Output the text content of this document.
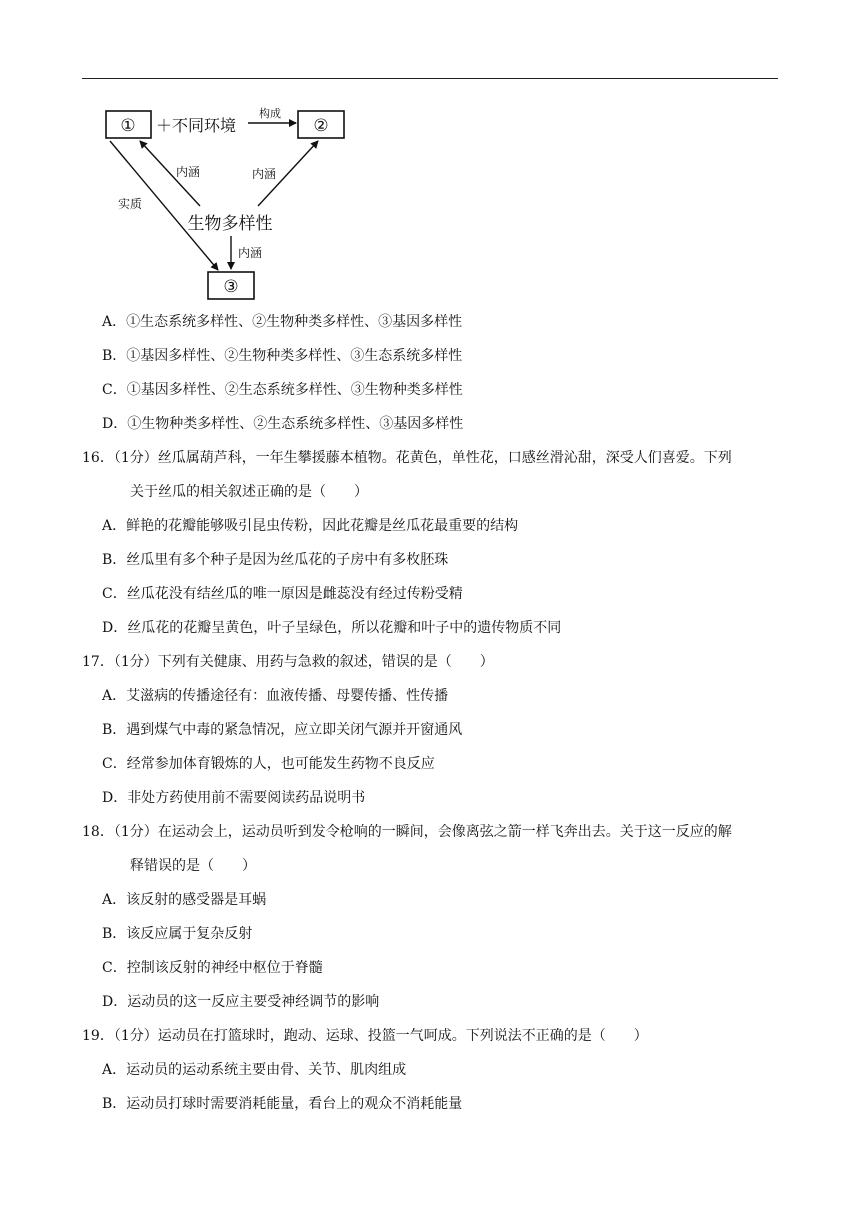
①	②
③
＋不同环境
构成
内涵	内涵
实质
生物多样性
内涵
A．①生态系统多样性、②生物种类多样性、③基因多样性
B．①基因多样性、②生物种类多样性、③生态系统多样性
C．①基因多样性、②生态系统多样性、③生物种类多样性
D．①生物种类多样性、②生态系统多样性、③基因多样性
16．（1分）丝瓜属葫芦科，一年生攀援藤本植物。花黄色，单性花，口感丝滑沁甜，深受人们喜爱。下列
关于丝瓜的相关叙述正确的是（　　）
A．鲜艳的花瓣能够吸引昆虫传粉，因此花瓣是丝瓜花最重要的结构
B．丝瓜里有多个种子是因为丝瓜花的子房中有多枚胚珠
C．丝瓜花没有结丝瓜的唯一原因是雌蕊没有经过传粉受精
D．丝瓜花的花瓣呈黄色，叶子呈绿色，所以花瓣和叶子中的遗传物质不同
17．（1分）下列有关健康、用药与急救的叙述，错误的是（　　）
A．艾滋病的传播途径有：血液传播、母婴传播、性传播
B．遇到煤气中毒的紧急情况，应立即关闭气源并开窗通风
C．经常参加体育锻炼的人，也可能发生药物不良反应
D．非处方药使用前不需要阅读药品说明书
18．（1分）在运动会上，运动员听到发令枪响的一瞬间，会像离弦之箭一样飞奔出去。关于这一反应的解
释错误的是（　　）
A．该反射的感受器是耳蜗
B．该反应属于复杂反射
C．控制该反射的神经中枢位于脊髓
D．运动员的这一反应主要受神经调节的影响
19．（1分）运动员在打篮球时，跑动、运球、投篮一气呵成。下列说法不正确的是（　　）
A．运动员的运动系统主要由骨、关节、肌肉组成
B．运动员打球时需要消耗能量，看台上的观众不消耗能量
